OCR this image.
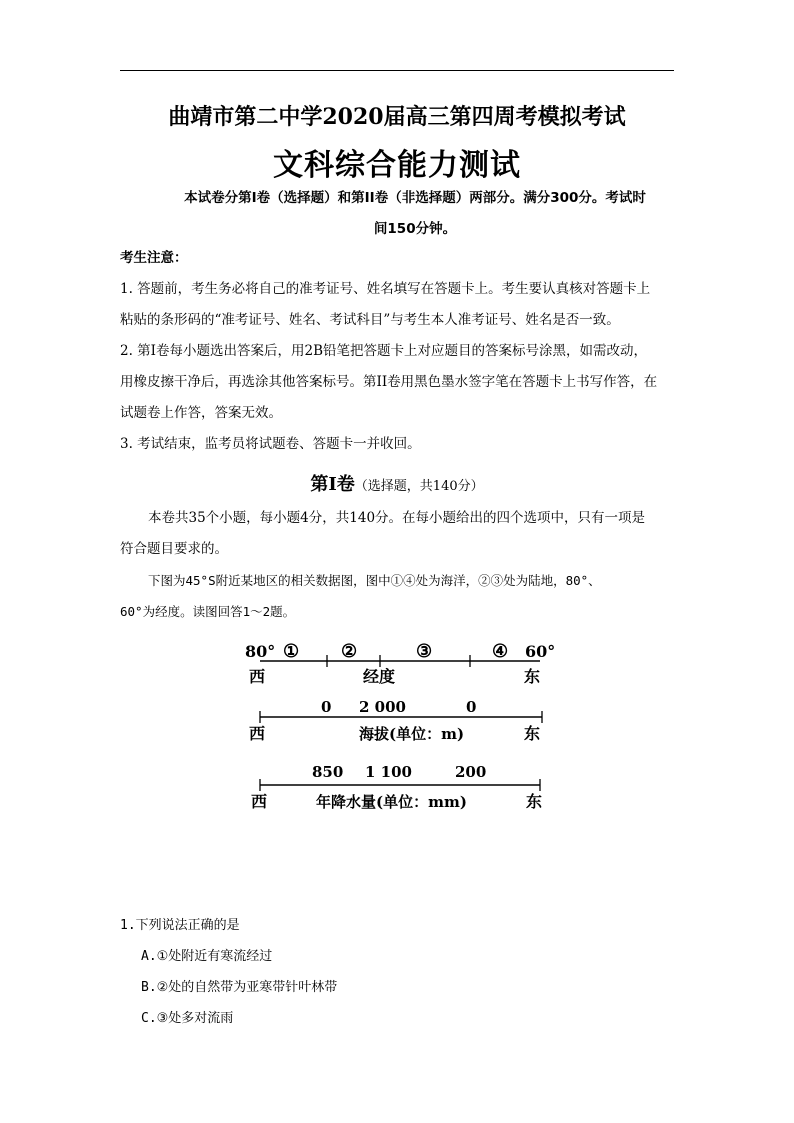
曲靖市第二中学2020届高三第四周考模拟考试
文科综合能力测试
本试卷分第I卷（选择题）和第II卷（非选择题）两部分。满分300分。考试时
间150分钟。
考生注意：
1. 答题前，考生务必将自己的准考证号、姓名填写在答题卡上。考生要认真核对答题卡上
粘贴的条形码的“准考证号、姓名、考试科目”与考生本人准考证号、姓名是否一致。
2. 第I卷每小题选出答案后，用2B铅笔把答题卡上对应题目的答案标号涂黑，如需改动，
用橡皮擦干净后，再选涂其他答案标号。第II卷用黑色墨水签字笔在答题卡上书写作答，在
试题卷上作答，答案无效。
3. 考试结束，监考员将试题卷、答题卡一并收回。
第I卷（选择题，共140分）
本卷共35个小题，每小题4分，共140分。在每小题给出的四个选项中，只有一项是
符合题目要求的。
下图为45°S附近某地区的相关数据图，图中①④处为海洋，②③处为陆地，80°、
60°为经度。读图回答1～2题。
80° ① ②	③	④ 60°
西	经度	东
0 2 000	0
西	海拔(单位：m)	东
850 1 100	200
西	年降水量(单位：mm)	东
1.下列说法正确的是
A.①处附近有寒流经过
B.②处的自然带为亚寒带针叶林带
C.③处多对流雨
